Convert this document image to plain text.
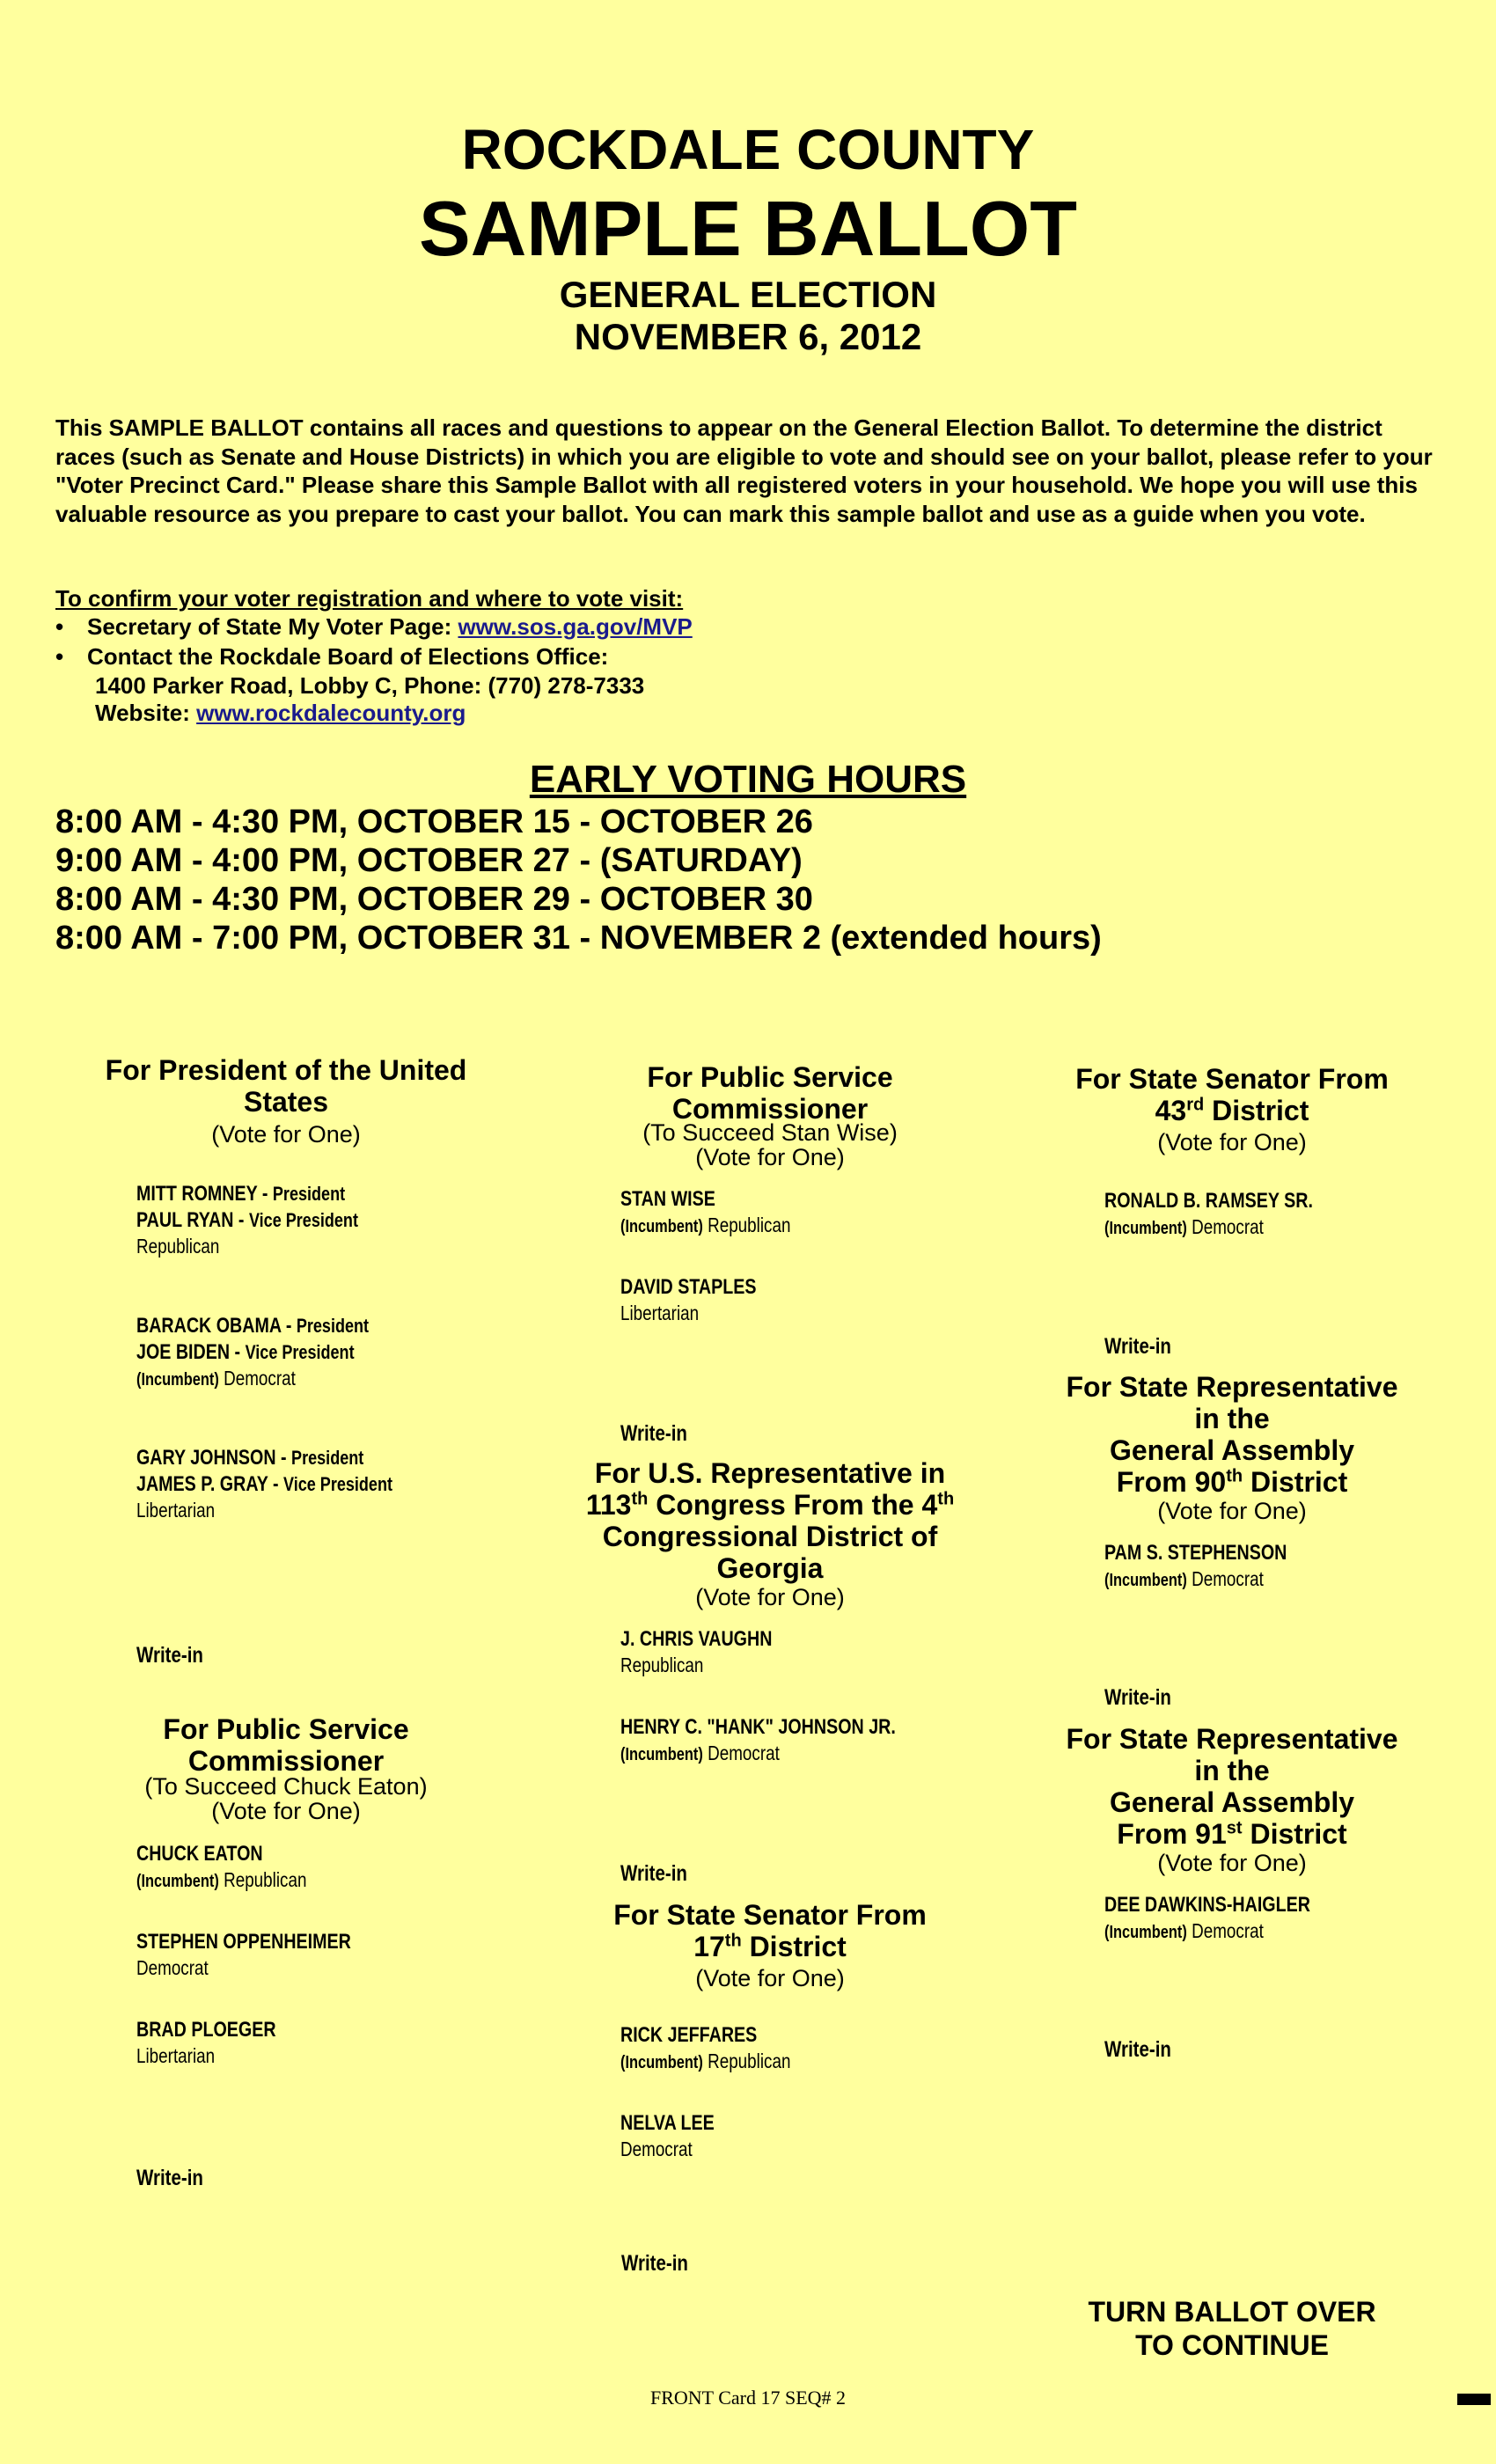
ROCKDALE COUNTY
SAMPLE BALLOT
GENERAL ELECTION
NOVEMBER 6, 2012
This SAMPLE BALLOT contains all races and questions to appear on the General Election Ballot. To determine the district races (such as Senate and House Districts) in which you are eligible to vote and should see on your ballot, please refer to your "Voter Precinct Card." Please share this Sample Ballot with all registered voters in your household. We hope you will use this valuable resource as you prepare to cast your ballot. You can mark this sample ballot and use as a guide when you vote.
To confirm your voter registration and where to vote visit:
• Secretary of State My Voter Page: www.sos.ga.gov/MVP
• Contact the Rockdale Board of Elections Office:
1400 Parker Road, Lobby C, Phone: (770) 278-7333
Website: www.rockdalecounty.org
EARLY VOTING HOURS
8:00 AM - 4:30 PM, OCTOBER 15 - OCTOBER 26
9:00 AM - 4:00 PM, OCTOBER 27 - (SATURDAY)
8:00 AM - 4:30 PM, OCTOBER 29 - OCTOBER 30
8:00 AM - 7:00 PM, OCTOBER 31 - NOVEMBER 2 (extended hours)
For President of the United States
(Vote for One)
MITT ROMNEY - President
PAUL RYAN - Vice President
Republican
BARACK OBAMA - President
JOE BIDEN - Vice President
(Incumbent) Democrat
GARY JOHNSON - President
JAMES P. GRAY - Vice President
Libertarian
Write-in
For Public Service Commissioner
(To Succeed Chuck Eaton)
(Vote for One)
CHUCK EATON
(Incumbent) Republican
STEPHEN OPPENHEIMER
Democrat
BRAD PLOEGER
Libertarian
Write-in
For Public Service Commissioner
(To Succeed Stan Wise)
(Vote for One)
STAN WISE
(Incumbent) Republican
DAVID STAPLES
Libertarian
Write-in
For U.S. Representative in
113th Congress From the 4th
Congressional District of
Georgia
(Vote for One)
J. CHRIS VAUGHN
Republican
HENRY C. "HANK" JOHNSON JR.
(Incumbent) Democrat
Write-in
For State Senator From
17th District
(Vote for One)
RICK JEFFARES
(Incumbent) Republican
NELVA LEE
Democrat
Write-in
For State Senator From
43rd District
(Vote for One)
RONALD B. RAMSEY SR.
(Incumbent) Democrat
Write-in
For State Representative
in the
General Assembly
From 90th District
(Vote for One)
PAM S. STEPHENSON
(Incumbent) Democrat
Write-in
For State Representative
in the
General Assembly
From 91st District
(Vote for One)
DEE DAWKINS-HAIGLER
(Incumbent) Democrat
Write-in
TURN BALLOT OVER
TO CONTINUE
FRONT Card 17 SEQ# 2
